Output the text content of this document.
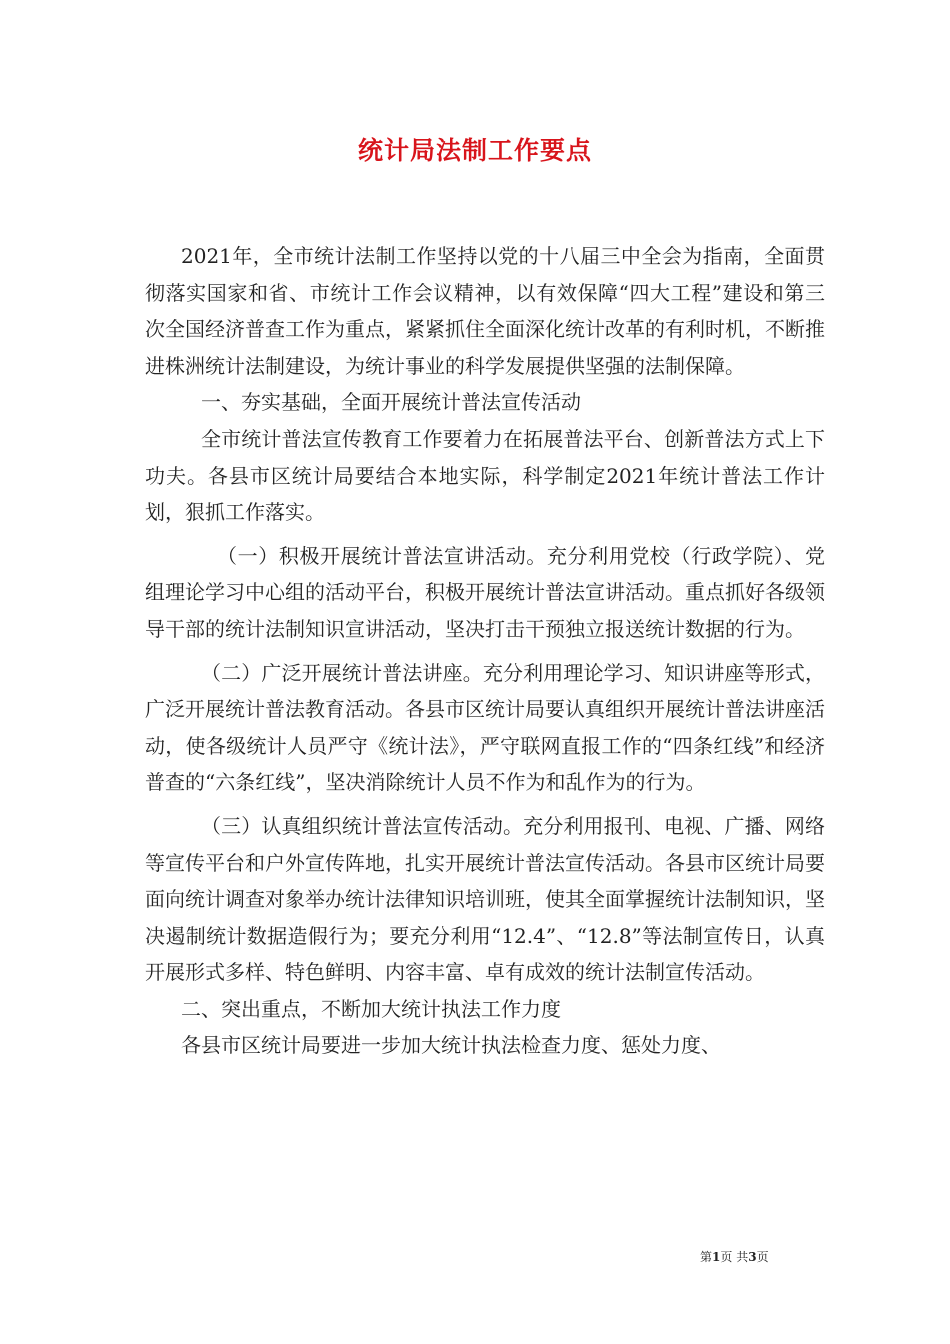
统计局法制工作要点

2021年，全市统计法制工作坚持以党的十八届三中全会为指南，全面贯彻落实国家和省、市统计工作会议精神，以有效保障“四大工程”建设和第三次全国经济普查工作为重点，紧紧抓住全面深化统计改革的有利时机，不断推进株洲统计法制建设，为统计事业的科学发展提供坚强的法制保障。

一、夯实基础，全面开展统计普法宣传活动

全市统计普法宣传教育工作要着力在拓展普法平台、创新普法方式上下功夫。各县市区统计局要结合本地实际，科学制定2021年统计普法工作计划，狠抓工作落实。

（一）积极开展统计普法宣讲活动。充分利用党校（行政学院）、党组理论学习中心组的活动平台，积极开展统计普法宣讲活动。重点抓好各级领导干部的统计法制知识宣讲活动，坚决打击干预独立报送统计数据的行为。

（二）广泛开展统计普法讲座。充分利用理论学习、知识讲座等形式，广泛开展统计普法教育活动。各县市区统计局要认真组织开展统计普法讲座活动，使各级统计人员严守《统计法》，严守联网直报工作的“四条红线”和经济普查的“六条红线”，坚决消除统计人员不作为和乱作为的行为。

（三）认真组织统计普法宣传活动。充分利用报刊、电视、广播、网络等宣传平台和户外宣传阵地，扎实开展统计普法宣传活动。各县市区统计局要面向统计调查对象举办统计法律知识培训班，使其全面掌握统计法制知识，坚决遏制统计数据造假行为；要充分利用“12.4”、“12.8”等法制宣传日，认真开展形式多样、特色鲜明、内容丰富、卓有成效的统计法制宣传活动。

二、突出重点，不断加大统计执法工作力度

各县市区统计局要进一步加大统计执法检查力度、惩处力度、

第1页 共3页
